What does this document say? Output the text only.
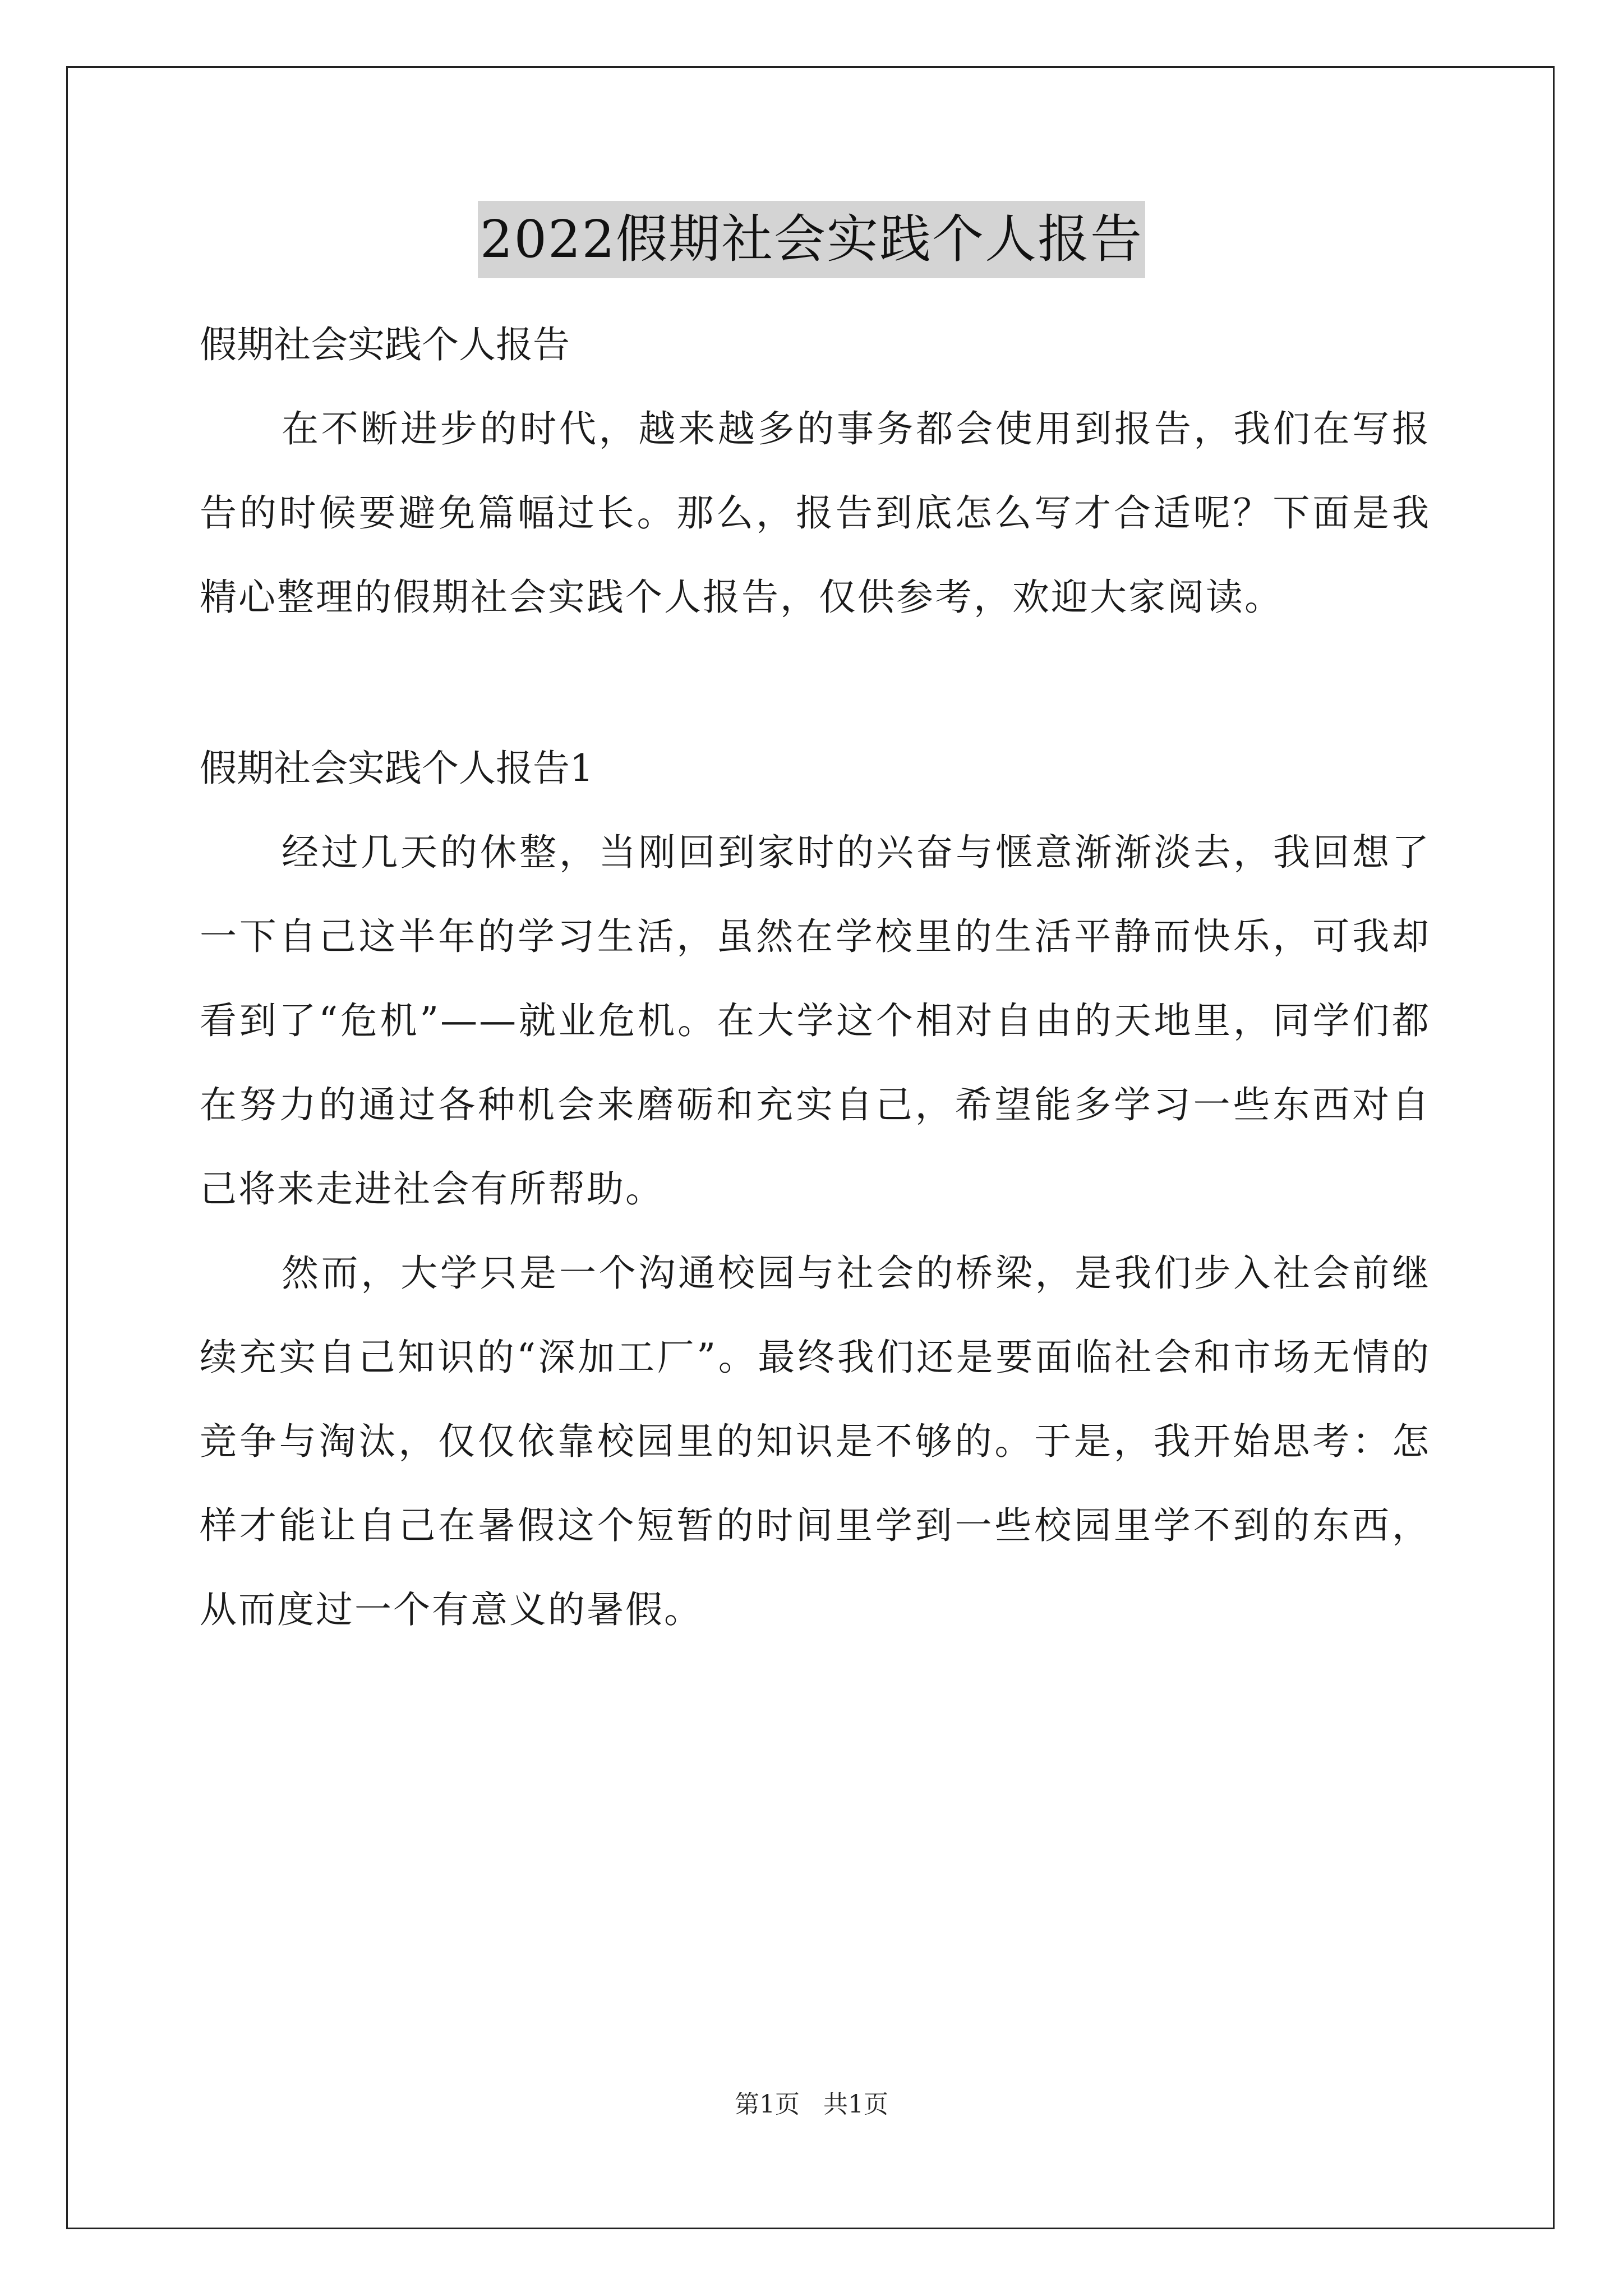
2022假期社会实践个人报告

假期社会实践个人报告

在不断进步的时代，越来越多的事务都会使用到报告，我们在写报告的时候要避免篇幅过长。那么，报告到底怎么写才合适呢？下面是我精心整理的假期社会实践个人报告，仅供参考，欢迎大家阅读。

假期社会实践个人报告1

经过几天的休整，当刚回到家时的兴奋与惬意渐渐淡去，我回想了一下自己这半年的学习生活，虽然在学校里的生活平静而快乐，可我却看到了“危机”——就业危机。在大学这个相对自由的天地里，同学们都在努力的通过各种机会来磨砺和充实自己，希望能多学习一些东西对自己将来走进社会有所帮助。

然而，大学只是一个沟通校园与社会的桥梁，是我们步入社会前继续充实自己知识的“深加工厂”。最终我们还是要面临社会和市场无情的竞争与淘汰，仅仅依靠校园里的知识是不够的。于是，我开始思考：怎样才能让自己在暑假这个短暂的时间里学到一些校园里学不到的东西，从而度过一个有意义的暑假。

第1页   共1页
